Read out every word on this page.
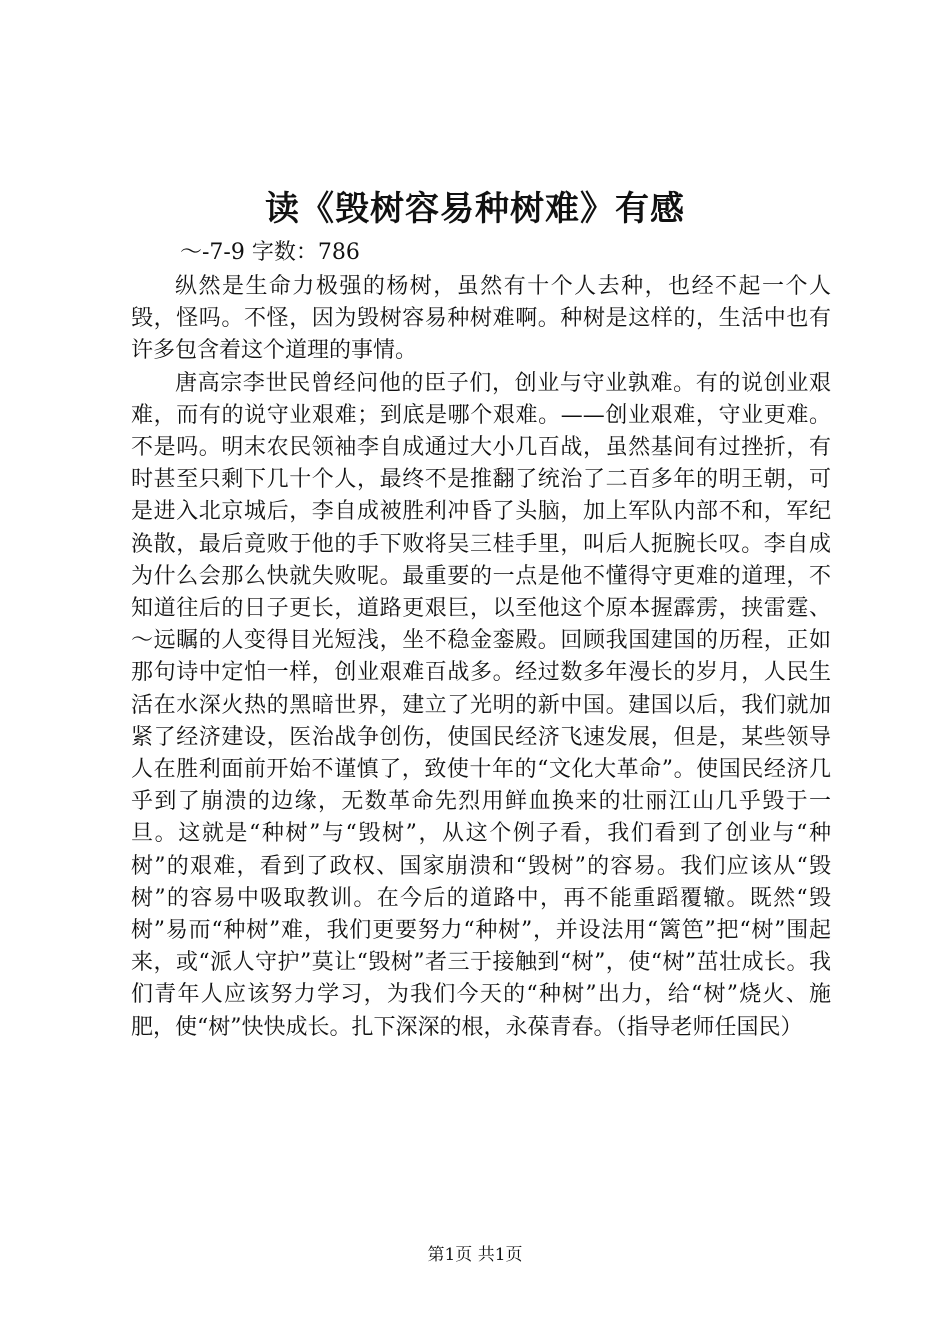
读《毁树容易种树难》有感
～-7-9 字数：786

纵然是生命力极强的杨树，虽然有十个人去种，也经不起一个人毁，怪吗。不怪，因为毁树容易种树难啊。种树是这样的，生活中也有许多包含着这个道理的事情。

唐高宗李世民曾经问他的臣子们，创业与守业孰难。有的说创业艰难，而有的说守业艰难；到底是哪个艰难。——创业艰难，守业更难。不是吗。明末农民领袖李自成通过大小几百战，虽然基间有过挫折，有时甚至只剩下几十个人，最终不是推翻了统治了二百多年的明王朝，可是进入北京城后，李自成被胜利冲昏了头脑，加上军队内部不和，军纪涣散，最后竟败于他的手下败将吴三桂手里，叫后人扼腕长叹。李自成为什么会那么快就失败呢。最重要的一点是他不懂得守更难的道理，不知道往后的日子更长，道路更艰巨，以至他这个原本握霹雳，挟雷霆、～远瞩的人变得目光短浅，坐不稳金銮殿。回顾我国建国的历程，正如那句诗中定怕一样，创业艰难百战多。经过数多年漫长的岁月，人民生活在水深火热的黑暗世界，建立了光明的新中国。建国以后，我们就加紧了经济建设，医治战争创伤，使国民经济飞速发展，但是，某些领导人在胜利面前开始不谨慎了，致使十年的“文化大革命”。使国民经济几乎到了崩溃的边缘，无数革命先烈用鲜血换来的壮丽江山几乎毁于一旦。这就是“种树”与“毁树”，从这个例子看，我们看到了创业与“种树”的艰难，看到了政权、国家崩溃和“毁树”的容易。我们应该从“毁树”的容易中吸取教训。在今后的道路中，再不能重蹈覆辙。既然“毁树”易而“种树”难，我们更要努力“种树”，并设法用“篱笆”把“树”围起来，或“派人守护”莫让“毁树”者三于接触到“树”，使“树”茁壮成长。我们青年人应该努力学习，为我们今天的“种树”出力，给“树”烧火、施肥，使“树”快快成长。扎下深深的根，永葆青春。（指导老师任国民）

第1页 共1页
